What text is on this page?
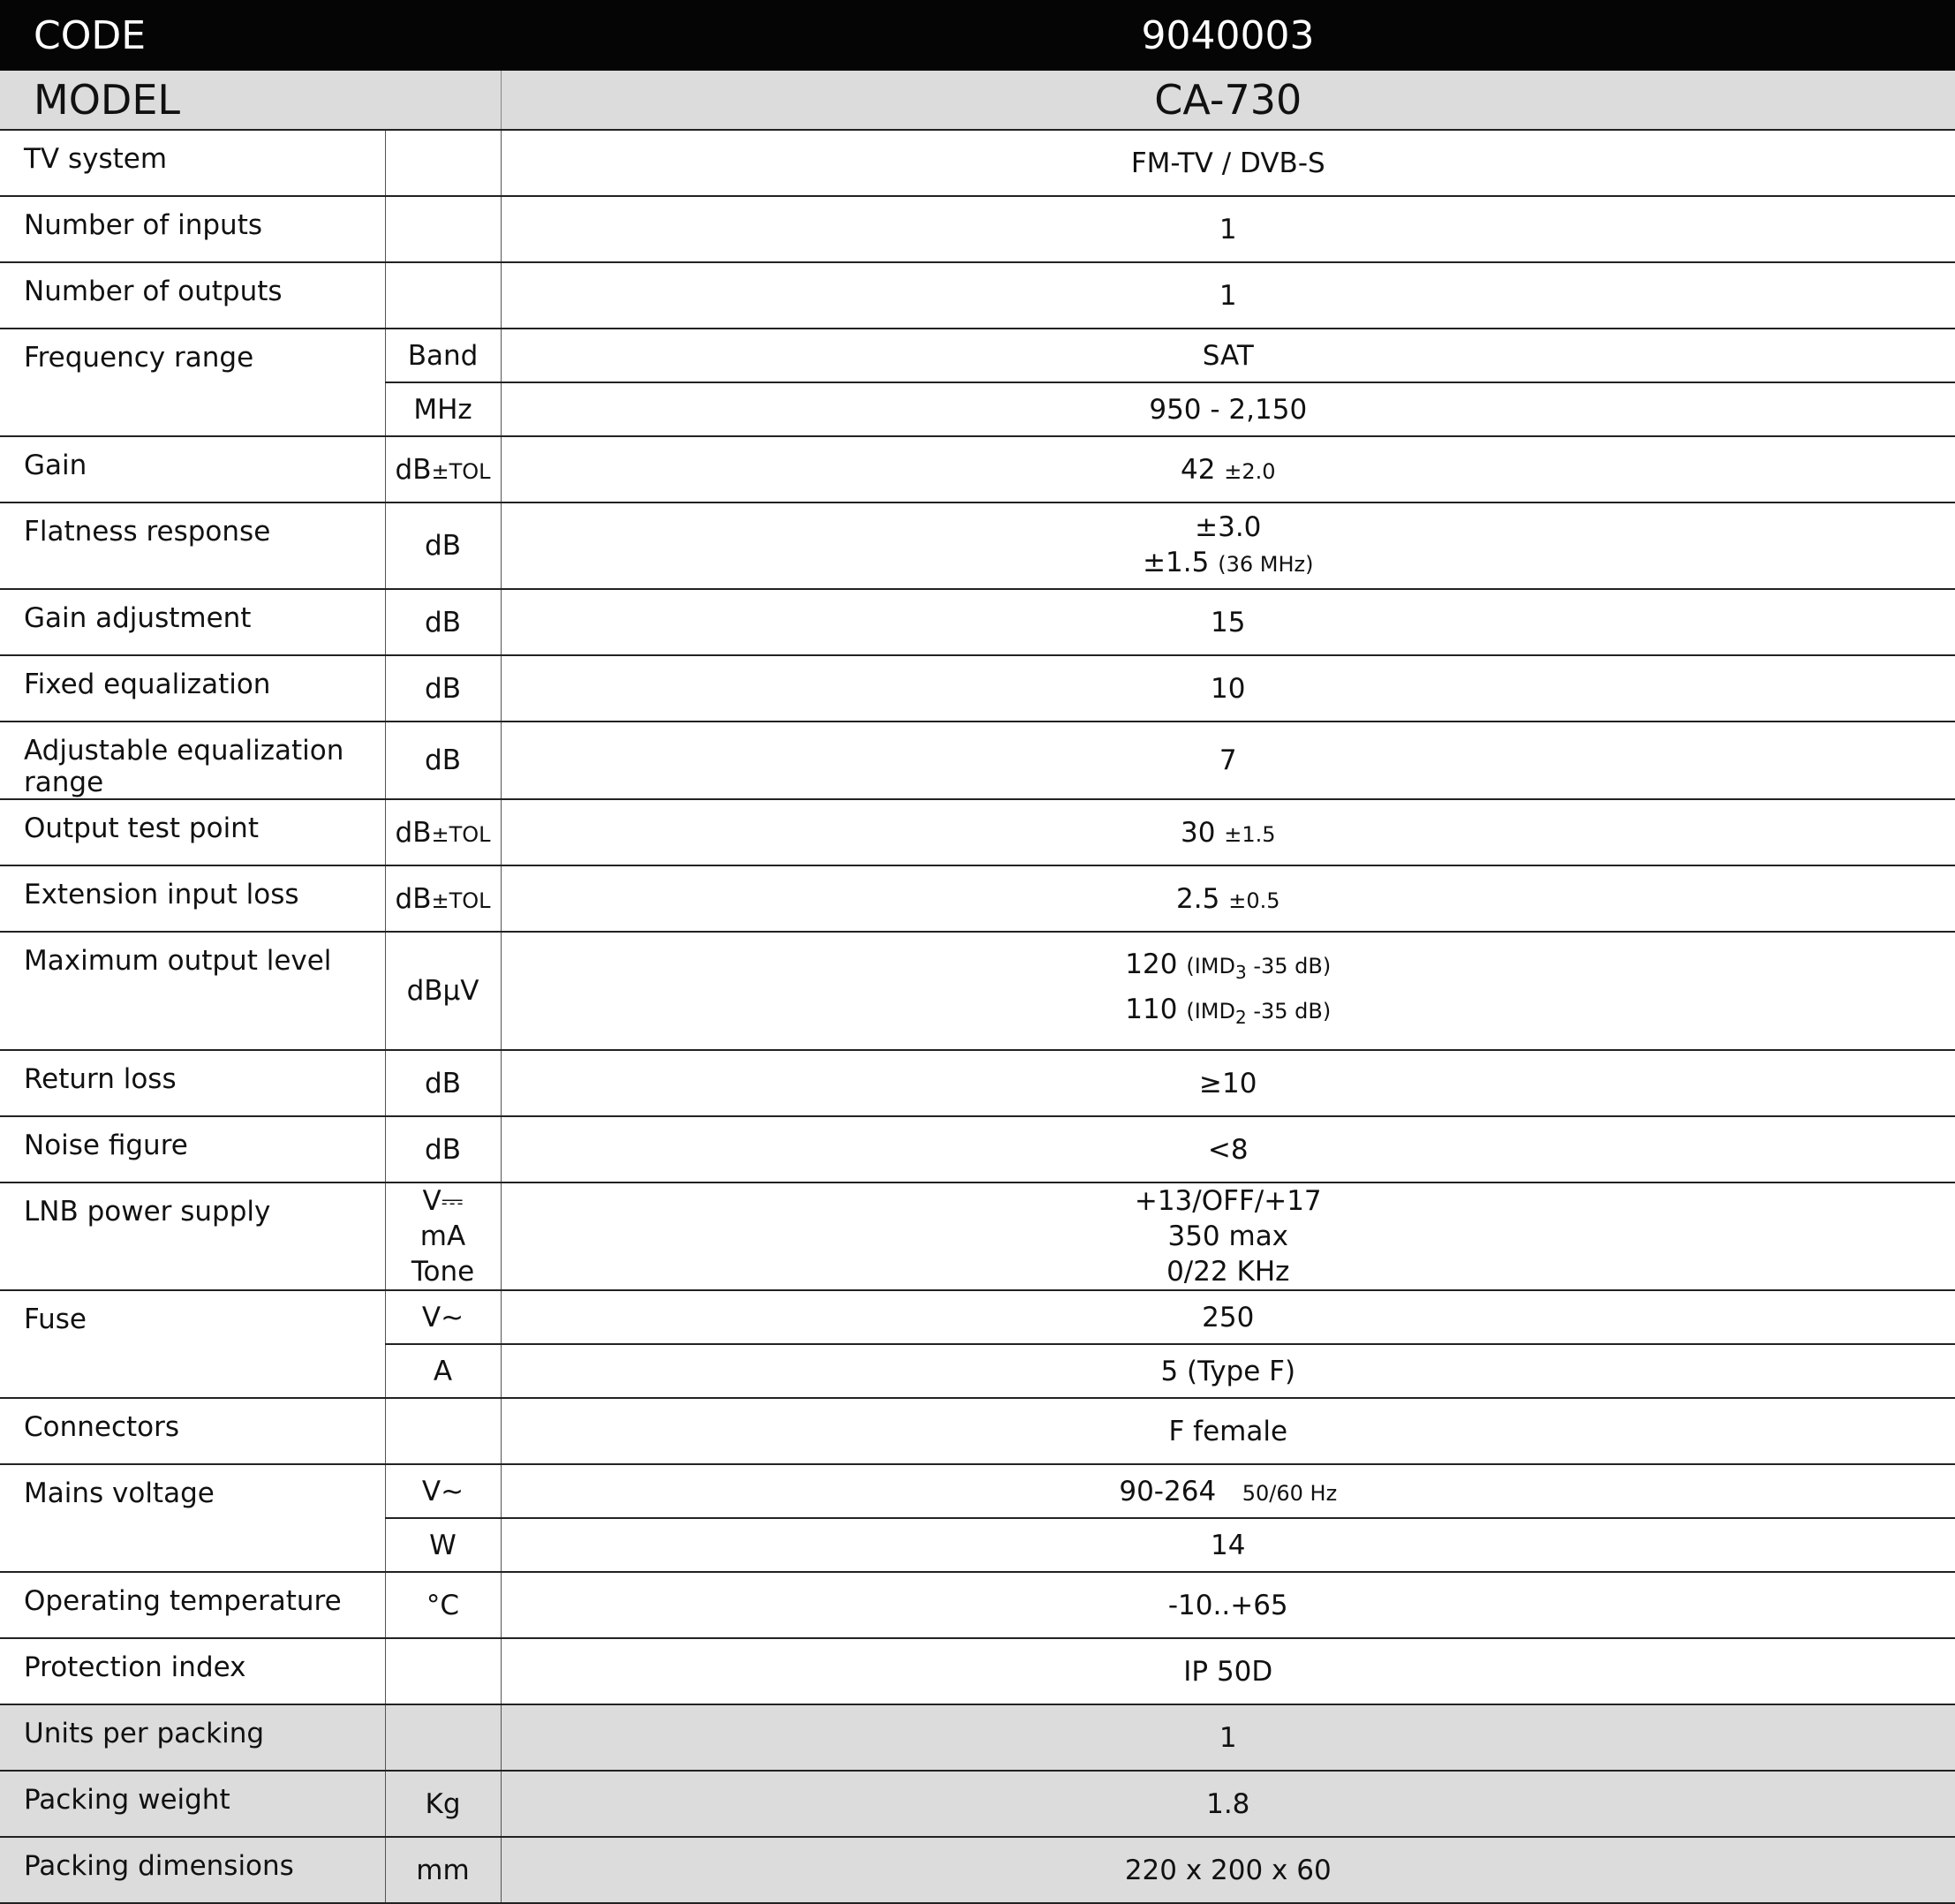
CODE		9040003
MODEL		CA-730
TV system		FM-TV / DVB-S
Number of inputs		1
Number of outputs		1
Frequency range	Band	SAT
	MHz	950 - 2,150
Gain	dB±TOL	42 ±2.0
Flatness response	dB	±3.0
±1.5 (36 MHz)

Gain adjustment	dB	15
Fixed equalization	dB	10
Adjustable equalization range	dB	7
Output test point	dB±TOL	30 ±1.5
Extension input loss	dB±TOL	2.5 ±0.5
Maximum output level	dBμV	120 ($IMD_3$ -35 dB)
110 ($IMD_2$ -35 dB)

Return loss	dB	≥10
Noise figure	dB	<8
LNB power supply	V⎓	+13/OFF/+17
	mA	350 max
	Tone	0/22 KHz
Fuse	V∼	250
	A	5 (Type F)
Connectors		F female
Mains voltage	V∼	90-264 50/60 Hz
	W	14
Operating temperature	°C	-10..+65
Protection index		IP 50D
Units per packing		1
Packing weight	Kg	1.8
Packing dimensions	mm	220 x 200 x 60
